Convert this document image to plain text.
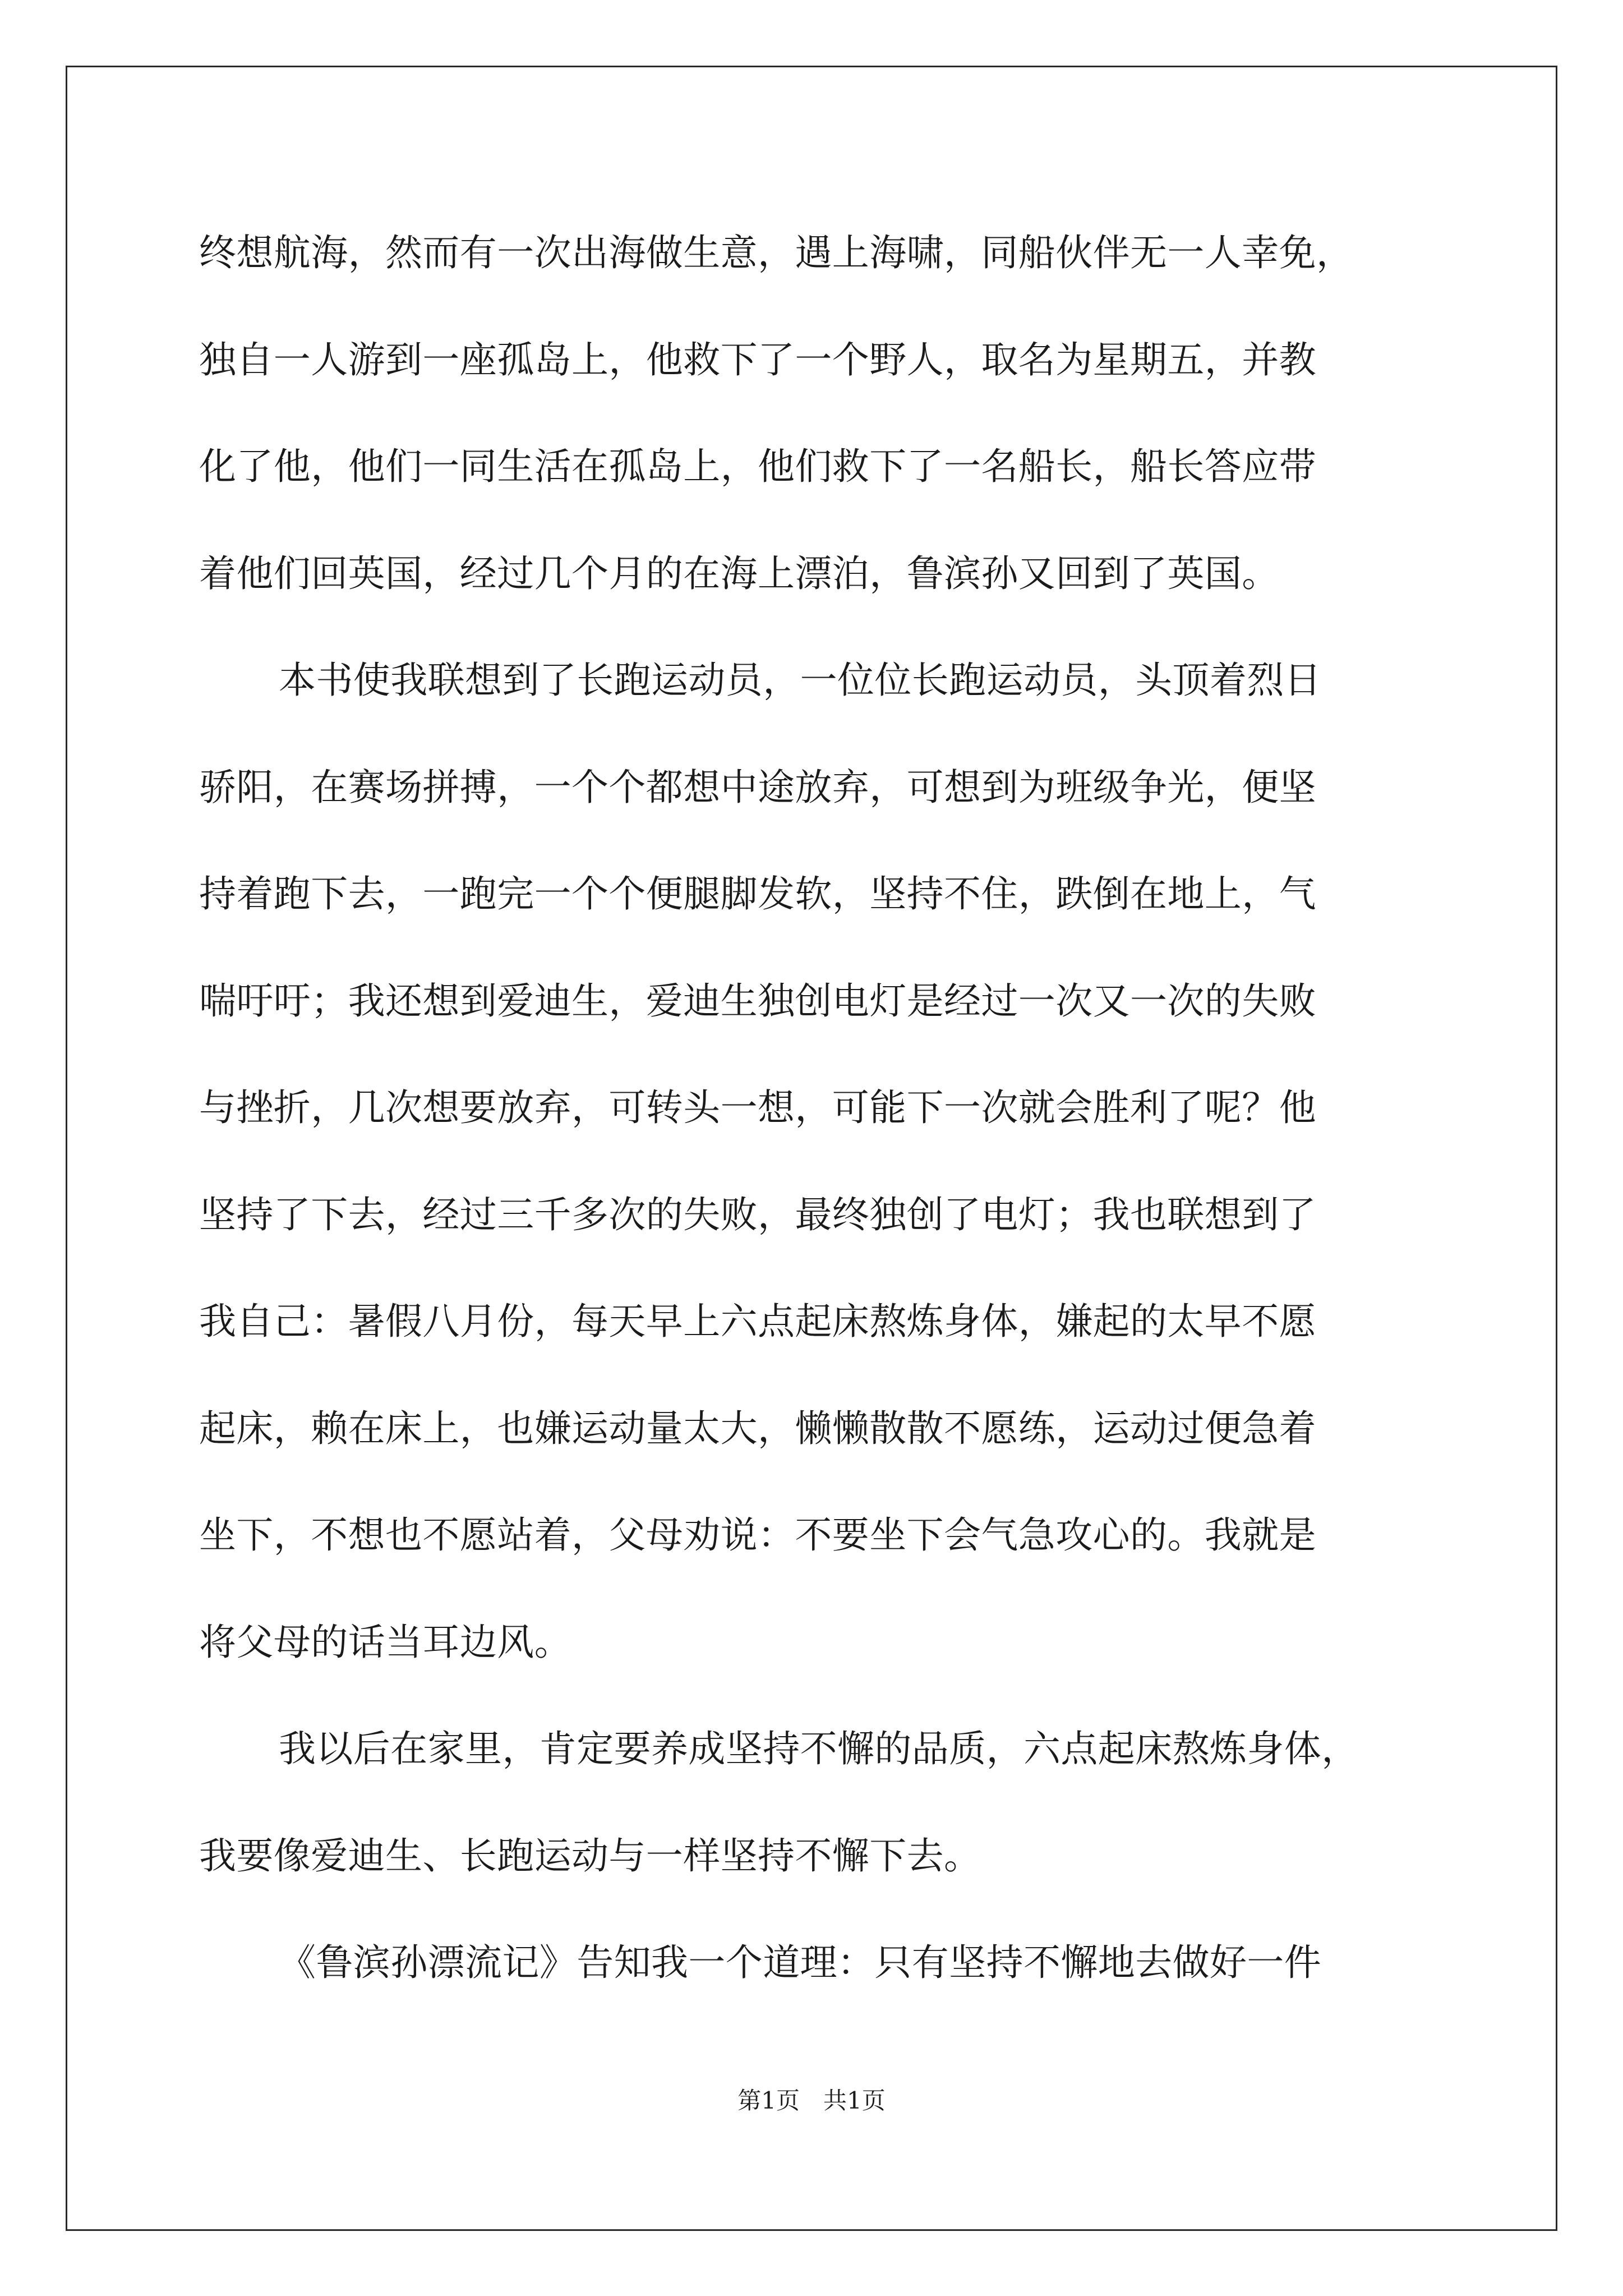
终想航海，然而有一次出海做生意，遇上海啸，同船伙伴无一人幸免，
独自一人游到一座孤岛上，他救下了一个野人，取名为星期五，并教
化了他，他们一同生活在孤岛上，他们救下了一名船长，船长答应带
着他们回英国，经过几个月的在海上漂泊，鲁滨孙又回到了英国。
本书使我联想到了长跑运动员，一位位长跑运动员，头顶着烈日
骄阳，在赛场拼搏，一个个都想中途放弃，可想到为班级争光，便坚
持着跑下去，一跑完一个个便腿脚发软，坚持不住，跌倒在地上，气
喘吁吁；我还想到爱迪生，爱迪生独创电灯是经过一次又一次的失败
与挫折，几次想要放弃，可转头一想，可能下一次就会胜利了呢？他
坚持了下去，经过三千多次的失败，最终独创了电灯；我也联想到了
我自己：暑假八月份，每天早上六点起床熬炼身体，嫌起的太早不愿
起床，赖在床上，也嫌运动量太大，懒懒散散不愿练，运动过便急着
坐下，不想也不愿站着，父母劝说：不要坐下会气急攻心的。我就是
将父母的话当耳边风。
我以后在家里，肯定要养成坚持不懈的品质，六点起床熬炼身体，
我要像爱迪生、长跑运动与一样坚持不懈下去。
《鲁滨孙漂流记》告知我一个道理：只有坚持不懈地去做好一件
第1页　共1页
